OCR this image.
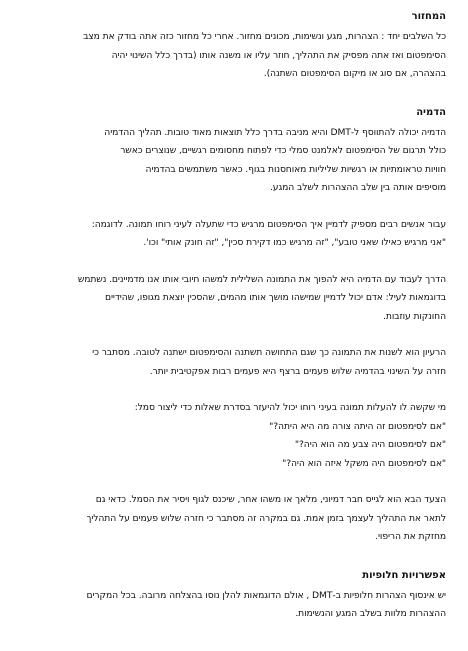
המחזור
כל השלבים יחד : הצהרות, מגע ונשימות, מכונים מחזור. אחרי כל מחזור כזה אתה בודק את מצב
הסימפטום ואז אתה מפסיק את התהליך, חוזר עליו או משנה אותו (בדרך כלל השינוי יהיה
בהצהרה, אם סוג או מיקום הסימפטום השתנה).
הדמיה
הדמיה יכולה להתווסף ל-DMT והיא מניבה בדרך כלל תוצאות מאוד טובות. תהליך ההדמיה
כולל תרגום של הסימפטום לאלמנט סמלי כדי לפתוח מחסומים רגשיים, שנוצרים כאשר
חוויות טראומתיות או רגשיות שליליות מאוחסנות בגוף. כאשר משתמשים בהדמיה
מוסיפים אותה בין שלב ההצהרות לשלב המגע.
עבור אנשים רבים מספיק לדמיין איך הסימפטום מרגיש כדי שתעלה לעיני רוחו תמונה. לדוגמה:
"אני מרגיש כאילו שאני טובע", "זה מרגיש כמו דקירת סכין", "זה חונק אותי" וכו'.
הדרך לעבוד עם הדמיה היא להפוך את התמונה השלילית למשהו חיובי אותו אנו מדמיינים. נשתמש
בדוגמאות לעיל: אדם יכול לדמיין שמישהו מושך אותו מהמים, שהסכין יוצאת מגופו, שהידיים
החונקות עוזבות.
הרעיון הוא לשנות את התמונה כך שגם התחושה תשתנה והסימפטום ישתנה לטובה. מסתבר כי
חזרה על השינוי בהדמיה שלוש פעמים ברצף היא פעמים רבות אפקטיבית יותר.
מי שקשה לו להעלות תמונה בעיני רוחו יכול להיעזר בסדרת שאלות כדי ליצור סמל:
"אם לסימפטום זה היתה צורה מה היא היתה?"
"אם לסימפטום היה צבע מה הוא היה?"
"אם לסימפטום היה משקל איזה הוא היה?"
הצעד הבא הוא לגייס חבר דמיוני, מלאך או משהו אחר, שיכנס לגוף ויסיר את הסמל. כדאי גם
לתאר את התהליך לעצמך בזמן אמת. גם במקרה זה מסתבר כי חזרה שלוש פעמים על התהליך
מחזקת את הריפוי.
אפשרויות חלופיות
יש אינסוף הצהרות חלופיות ב-DMT , אולם הדוגמאות להלן נוסו בהצלחה מרובה. בכל המקרים
ההצהרות מלוות בשלב המגע והנשימות.
